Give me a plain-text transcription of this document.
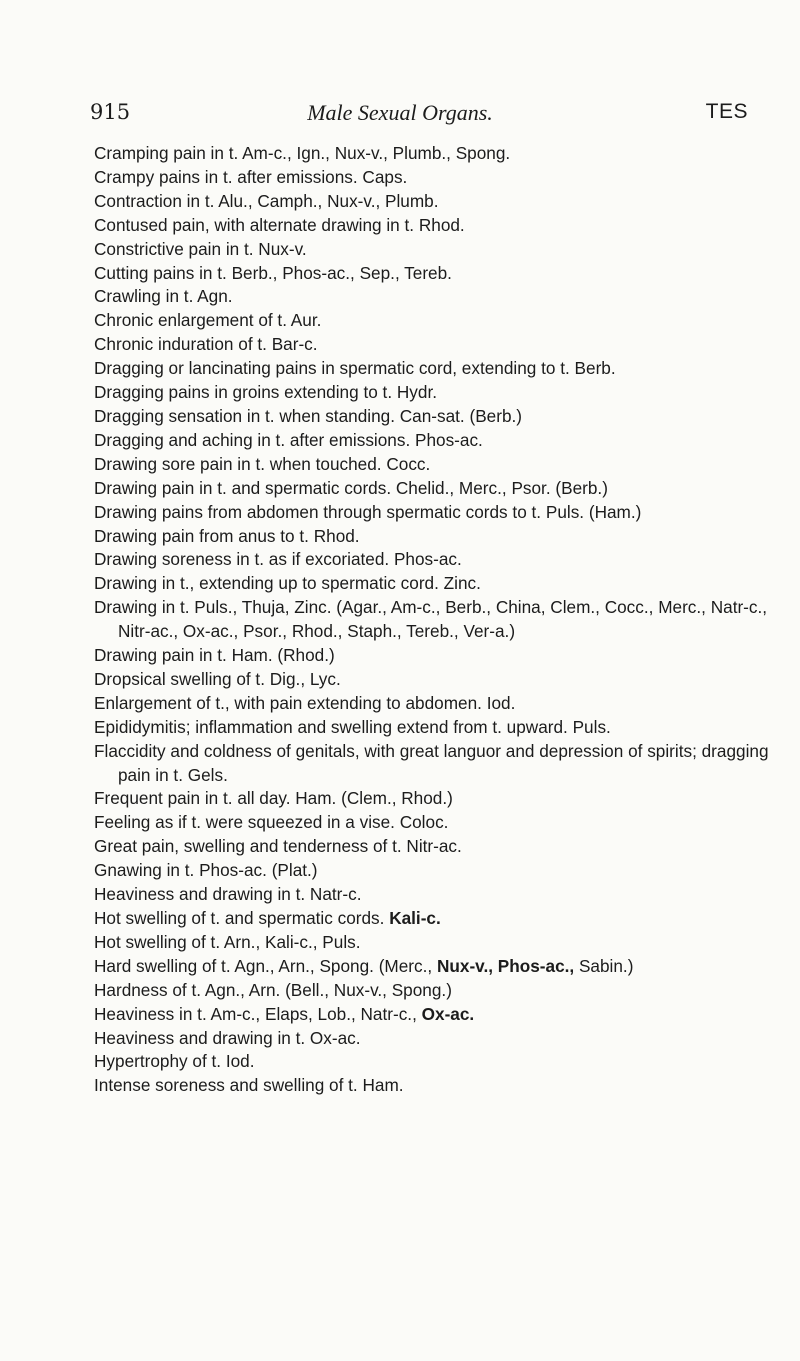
915	Male Sexual Organs.	TES
Cramping pain in t. Am-c., Ign., Nux-v., Plumb., Spong.
Crampy pains in t. after emissions. Caps.
Contraction in t. Alu., Camph., Nux-v., Plumb.
Contused pain, with alternate drawing in t. Rhod.
Constrictive pain in t. Nux-v.
Cutting pains in t. Berb., Phos-ac., Sep., Tereb.
Crawling in t. Agn.
Chronic enlargement of t. Aur.
Chronic induration of t. Bar-c.
Dragging or lancinating pains in spermatic cord, extending to t. Berb.
Dragging pains in groins extending to t. Hydr.
Dragging sensation in t. when standing. Can-sat. (Berb.)
Dragging and aching in t. after emissions. Phos-ac.
Drawing sore pain in t. when touched. Cocc.
Drawing pain in t. and spermatic cords. Chelid., Merc., Psor. (Berb.)
Drawing pains from abdomen through spermatic cords to t. Puls. (Ham.)
Drawing pain from anus to t. Rhod.
Drawing soreness in t. as if excoriated. Phos-ac.
Drawing in t., extending up to spermatic cord. Zinc.
Drawing in t. Puls., Thuja, Zinc. (Agar., Am-c., Berb., China, Clem., Cocc., Merc., Natr-c., Nitr-ac., Ox-ac., Psor., Rhod., Staph., Tereb., Ver-a.)
Drawing pain in t. Ham. (Rhod.)
Dropsical swelling of t. Dig., Lyc.
Enlargement of t., with pain extending to abdomen. Iod.
Epididymitis; inflammation and swelling extend from t. upward. Puls.
Flaccidity and coldness of genitals, with great languor and depression of spirits; dragging pain in t. Gels.
Frequent pain in t. all day. Ham. (Clem., Rhod.)
Feeling as if t. were squeezed in a vise. Coloc.
Great pain, swelling and tenderness of t. Nitr-ac.
Gnawing in t. Phos-ac. (Plat.)
Heaviness and drawing in t. Natr-c.
Hot swelling of t. and spermatic cords. Kali-c.
Hot swelling of t. Arn., Kali-c., Puls.
Hard swelling of t. Agn., Arn., Spong. (Merc., Nux-v., Phos-ac., Sabin.)
Hardness of t. Agn., Arn. (Bell., Nux-v., Spong.)
Heaviness in t. Am-c., Elaps, Lob., Natr-c., Ox-ac.
Heaviness and drawing in t. Ox-ac.
Hypertrophy of t. Iod.
Intense soreness and swelling of t. Ham.
